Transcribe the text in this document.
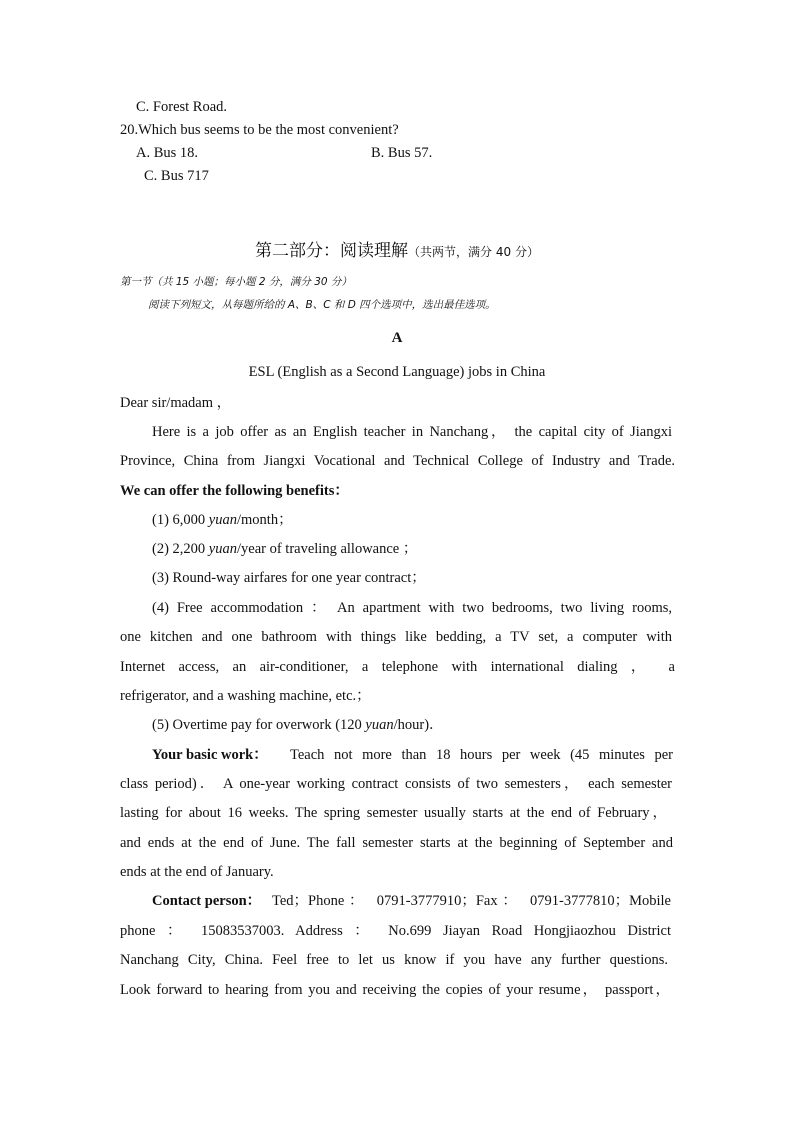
C. Forest Road.
20.Which bus seems to be the most convenient?
A. Bus 18.	B. Bus 57.
C. Bus 717
第二部分：阅读理解（共两节，满分 40 分）
第一节（共 15 小题；每小题 2 分，满分 30 分）
阅读下列短文，从每题所给的 A、B、C 和 D 四个选项中，选出最佳选项。
A
ESL (English as a Second Language) jobs in China
Dear sir/madam ，
Here is a job offer as an English teacher in Nanchang， the capital city of Jiangxi
Province, China from Jiangxi Vocational and Technical College of Industry and Trade.
We can offer the following benefits：
(1) 6,000 yuan/month；
(2) 2,200 yuan/year of traveling allowance ；
(3) Round-way airfares for one year contract；
(4) Free accommodation ： An apartment with two bedrooms, two living rooms,
one kitchen and one bathroom with things like bedding, a TV set, a computer with
Internet access, an air-conditioner, a telephone with international dialing ， a
refrigerator, and a washing machine, etc.；
(5) Overtime pay for overwork (120 yuan/hour)．
Your basic work： Teach not more than 18 hours per week (45 minutes per
class period)． A one-year working contract consists of two semesters， each semester
lasting for about 16 weeks. The spring semester usually starts at the end of February，
and ends at the end of June. The fall semester starts at the beginning of September and
ends at the end of January.
Contact person： Ted；Phone： 0791-3777910；Fax： 0791-3777810；Mobile
phone ： 15083537003. Address ： No.699 Jiayan Road Hongjiaozhou District
Nanchang City, China. Feel free to let us know if you have any further questions.
Look forward to hearing from you and receiving the copies of your resume， passport，
